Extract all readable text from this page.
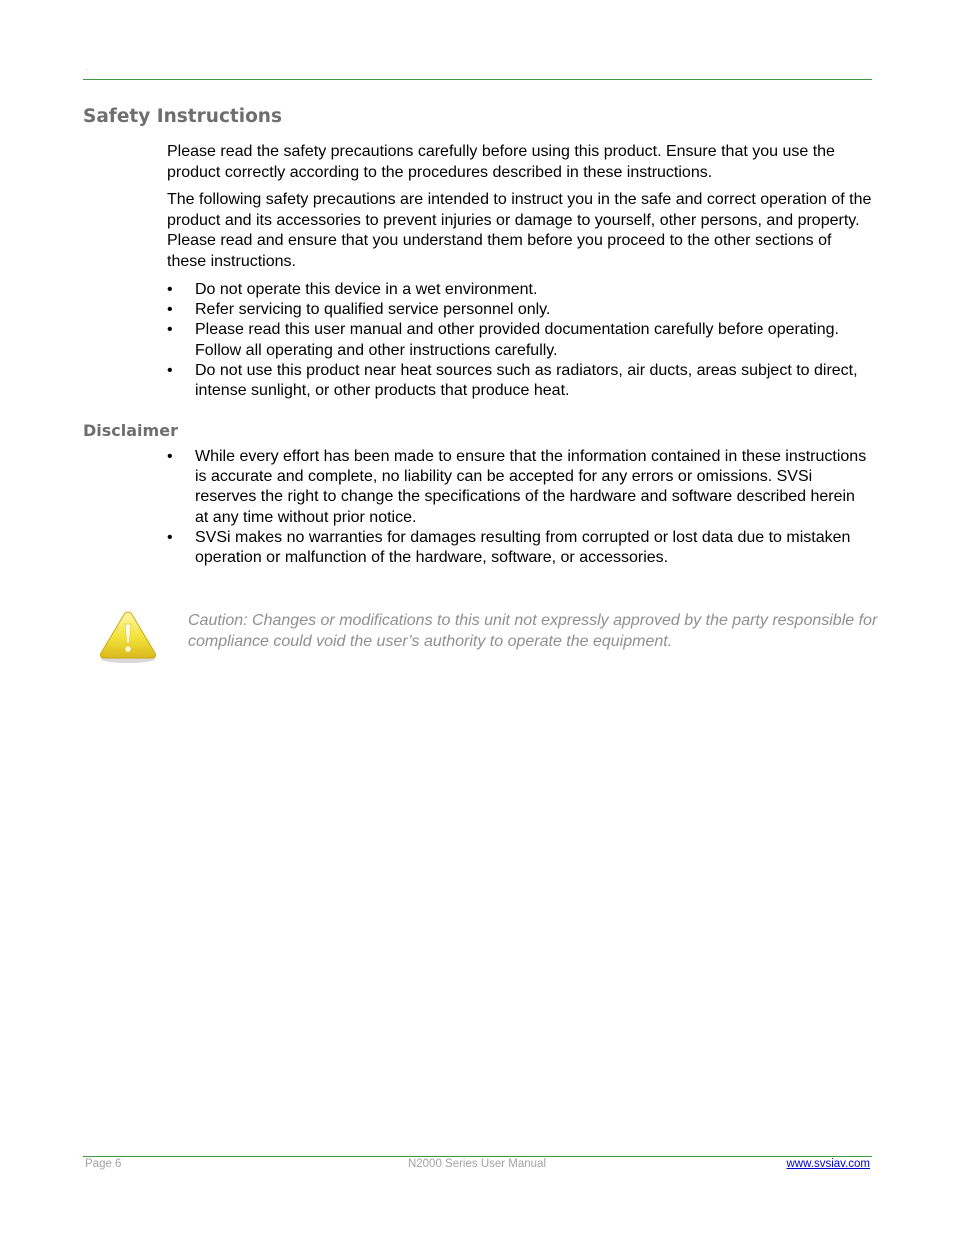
.
Safety Instructions

Please read the safety precautions carefully before using this product. Ensure that you use the product correctly according to the procedures described in these instructions.

The following safety precautions are intended to instruct you in the safe and correct operation of the product and its accessories to prevent injuries or damage to yourself, other persons, and property. Please read and ensure that you understand them before you proceed to the other sections of these instructions.

• Do not operate this device in a wet environment.
• Refer servicing to qualified service personnel only.
• Please read this user manual and other provided documentation carefully before operating. Follow all operating and other instructions carefully.
• Do not use this product near heat sources such as radiators, air ducts, areas subject to direct, intense sunlight, or other products that produce heat.
Disclaimer
• While every effort has been made to ensure that the information contained in these instructions is accurate and complete, no liability can be accepted for any errors or omissions. SVSi reserves the right to change the specifications of the hardware and software described herein at any time without prior notice.
• SVSi makes no warranties for damages resulting from corrupted or lost data due to mistaken operation or malfunction of the hardware, software, or accessories.

Caution: Changes or modifications to this unit not expressly approved by the party responsible for compliance could void the user’s authority to operate the equipment.

Page 6	N2000 Series User Manual	www.svsiav.com
